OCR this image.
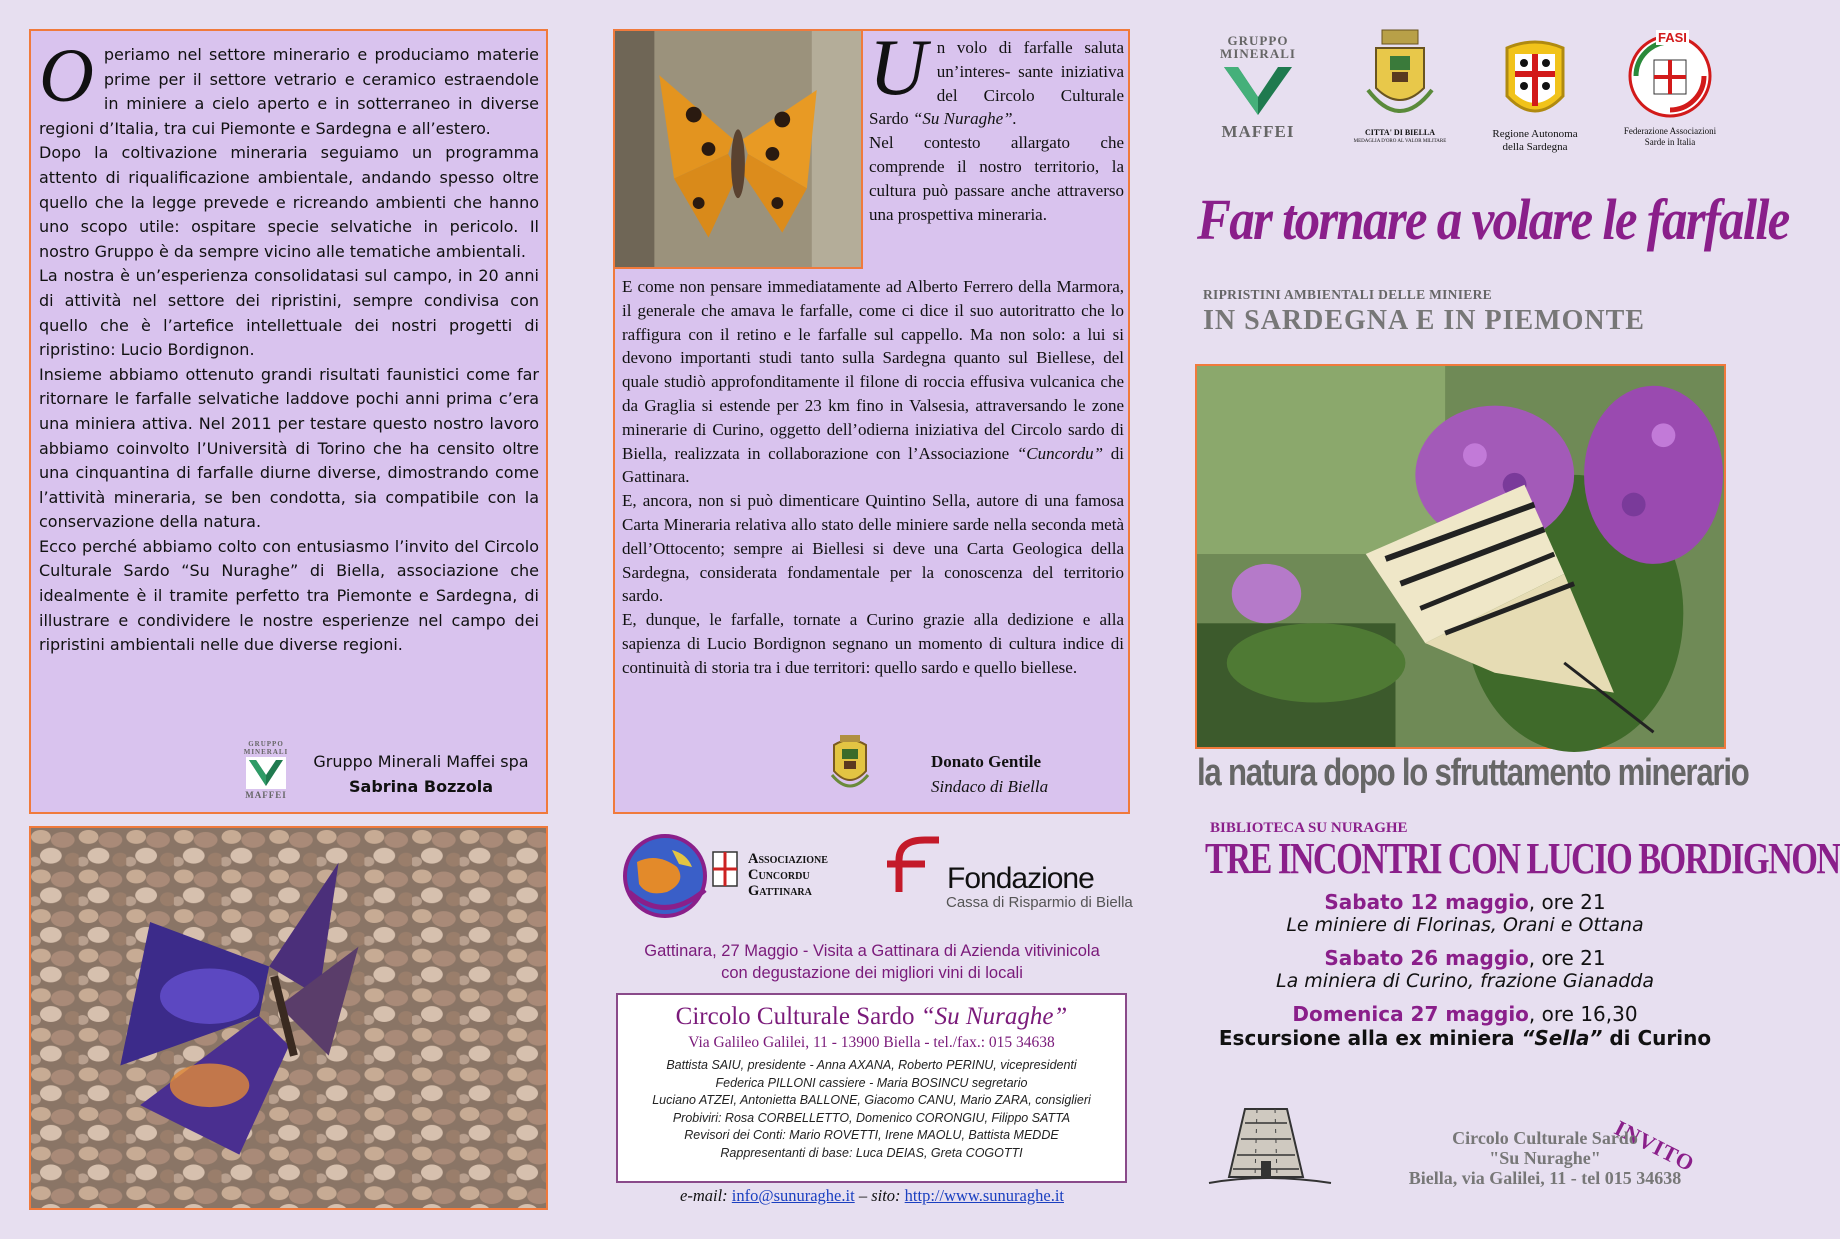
O periamo nel settore minerario e produciamo materie prime per il settore vetrario e ceramico estraendole in miniere a cielo aperto e in sotterraneo in diverse regioni d’Italia, tra cui Piemonte e Sardegna e all’estero.

Dopo la coltivazione mineraria seguiamo un programma attento di riqualificazione ambientale, andando spesso oltre quello che la legge prevede e ricreando ambienti che hanno uno scopo utile: ospitare specie selvatiche in pericolo. Il nostro Gruppo è da sempre vicino alle tematiche ambientali.

La nostra è un’esperienza consolidatasi sul campo, in 20 anni di attività nel settore dei ripristini, sempre condivisa con quello che è l’artefice intellettuale dei nostri progetti di ripristino: Lucio Bordignon.

Insieme abbiamo ottenuto grandi risultati faunistici come far ritornare le farfalle selvatiche laddove pochi anni prima c’era una miniera attiva. Nel 2011 per testare questo nostro lavoro abbiamo coinvolto l’Università di Torino che ha censito oltre una cinquantina di farfalle diurne diverse, dimostrando come l’attività mineraria, se ben condotta, sia compatibile con la conservazione della natura.

Ecco perché abbiamo colto con entusiasmo l’invito del Circolo Culturale Sardo “Su Nuraghe” di Biella, associazione che idealmente è il tramite perfetto tra Piemonte e Sardegna, di illustrare e condividere le nostre esperienze nel campo dei ripristini ambientali nelle due diverse regioni.

GRUPPO MINERALI
MAFFEI
Gruppo Minerali Maffei spa
Sabrina Bozzola
U n volo di farfalle saluta un’interes- sante iniziativa del Circolo Culturale Sardo “Su Nuraghe”.
Nel contesto allargato che comprende il nostro territorio, la cultura può passare anche attraverso una prospettiva mineraria.

E come non pensare immediatamente ad Alberto Ferrero della Marmora, il generale che amava le farfalle, come ci dice il suo autoritratto che lo raffigura con il retino e le farfalle sul cappello. Ma non solo: a lui si devono importanti studi tanto sulla Sardegna quanto sul Biellese, del quale studiò approfonditamente il filone di roccia effusiva vulcanica che da Graglia si estende per 23 km fino in Valsesia, attraversando le zone minerarie di Curino, oggetto dell’odierna iniziativa del Circolo sardo di Biella, realizzata in collaborazione con l’Associazione “Cuncordu” di Gattinara.

E, ancora, non si può dimenticare Quintino Sella, autore di una famosa Carta Mineraria relativa allo stato delle miniere sarde nella seconda metà dell’Ottocento; sempre ai Biellesi si deve una Carta Geologica della Sardegna, considerata fondamentale per la conoscenza del territorio sardo.

E, dunque, le farfalle, tornate a Curino grazie alla dedizione e alla sapienza di Lucio Bordignon segnano un momento di cultura indice di continuità di storia tra i due territori: quello sardo e quello biellese.

Donato Gentile
Sindaco di Biella
Associazione
Cuncordu
Gattinara	Fondazione
Cassa di Risparmio di Biella
Gattinara, 27 Maggio - Visita a Gattinara di Azienda vitivinicola
con degustazione dei migliori vini di locali
Circolo Culturale Sardo “Su Nuraghe”
Via Galileo Galilei, 11 - 13900 Biella - tel./fax.: 015 34638
Battista SAIU, presidente - Anna AXANA, Roberto PERINU, vicepresidenti
Federica PILLONI cassiere - Maria BOSINCU segretario
Luciano ATZEI, Antonietta BALLONE, Giacomo CANU, Mario ZARA, consiglieri
Probiviri: Rosa CORBELLETTO, Domenico CORONGIU, Filippo SATTA
Revisori dei Conti: Mario ROVETTI, Irene MAOLU, Battista MEDDE
Rappresentanti di base: Luca DEIAS, Greta COGOTTI
e-mail: info@sunuraghe.it – sito: http://www.sunuraghe.it
GRUPPO MINERALI
MAFFEI	CITTA' DI BIELLA
MEDAGLIA D'ORO AL VALOR MILITARE
Regione Autonoma della Sardegna
FASI
Federazione Associazioni Sarde in Italia
Far tornare a volare le farfalle
RIPRISTINI AMBIENTALI DELLE MINIERE
IN SARDEGNA E IN PIEMONTE
la natura dopo lo sfruttamento minerario
BIBLIOTECA SU NURAGHE
TRE INCONTRI CON LUCIO BORDIGNON
Sabato 12 maggio, ore 21
Le miniere di Florinas, Orani e Ottana
Sabato 26 maggio, ore 21
La miniera di Curino, frazione Gianadda
Domenica 27 maggio, ore 16,30
Escursione alla ex miniera “Sella” di Curino
INVITO
Circolo Culturale Sardo
"Su Nuraghe"
Biella, via Galilei, 11 - tel 015 34638
